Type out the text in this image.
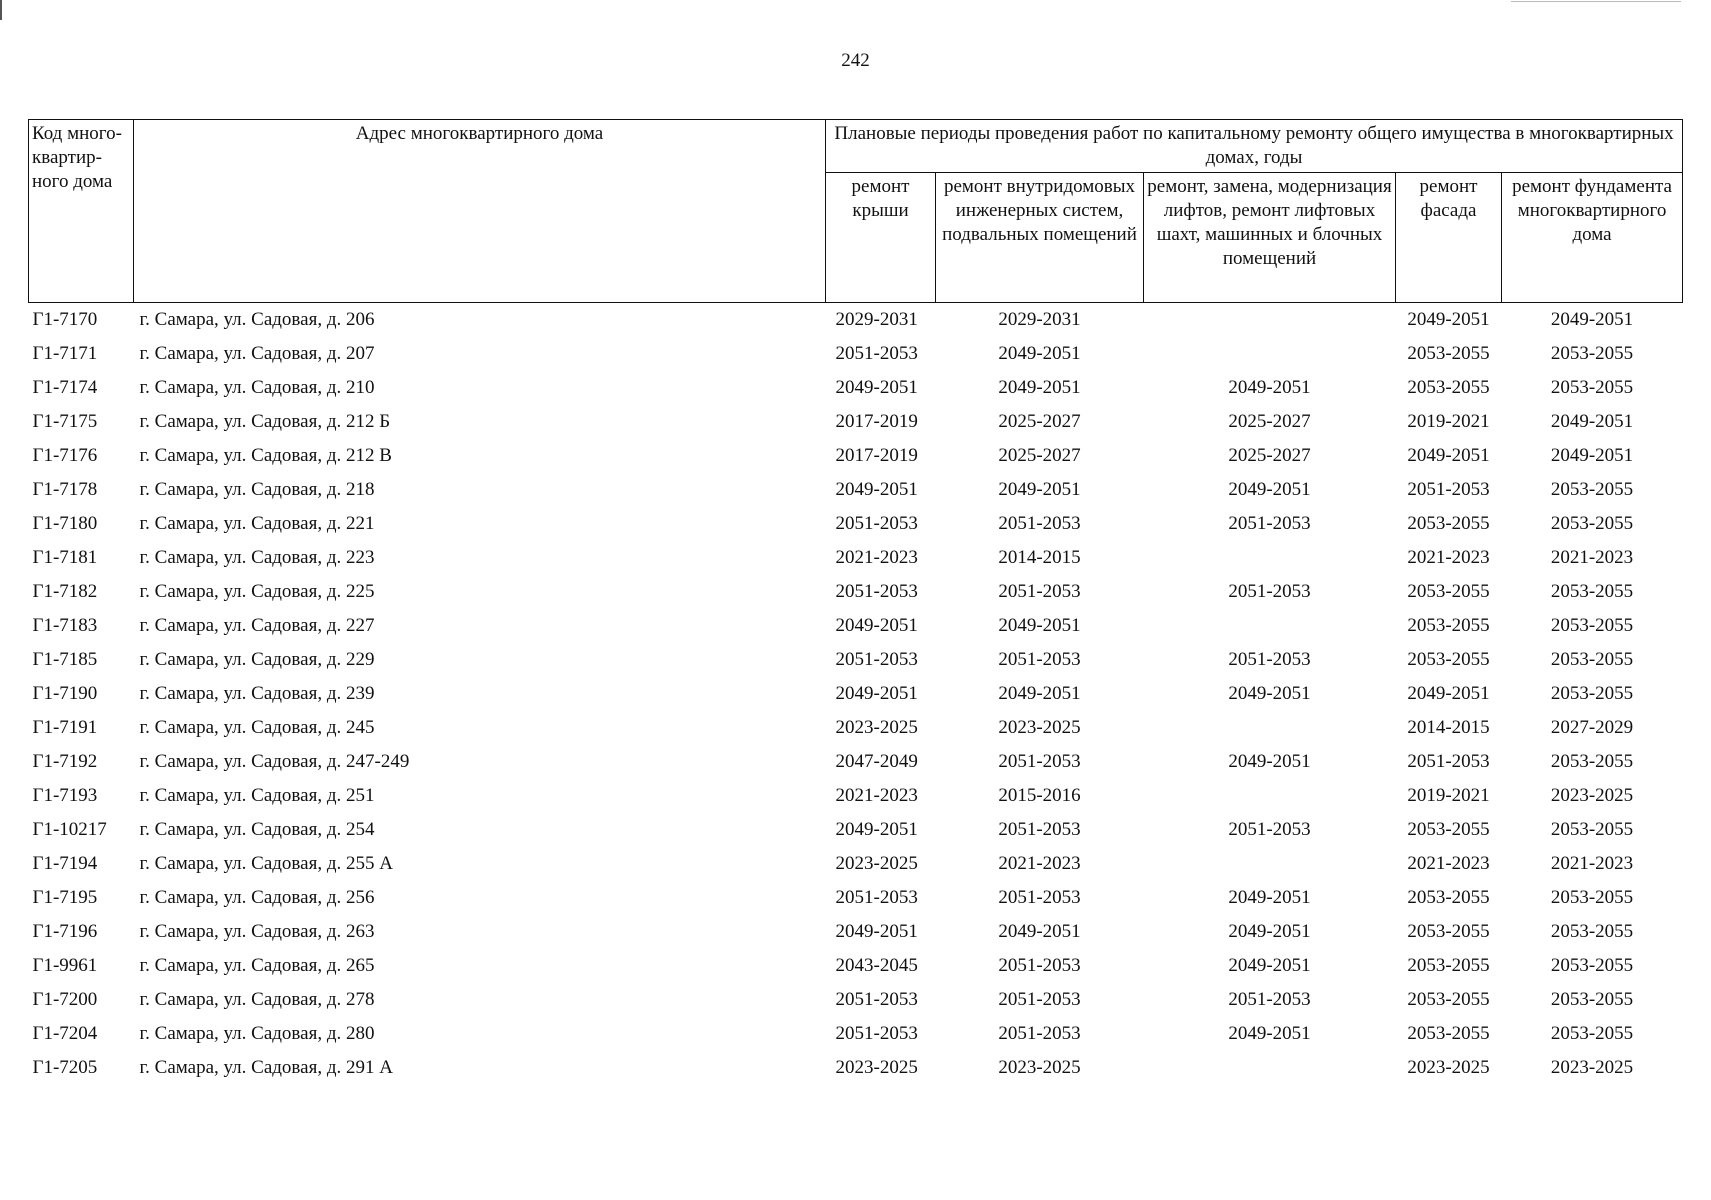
242
Код много-квартир-ного дома	Адрес многоквартирного дома	Плановые периоды проведения работ по капитальному ремонту общего имущества в многоквартирных домах, годы				
		ремонт крыши	ремонт внутридомовых инженерных систем, подвальных помещений	ремонт, замена, модернизация лифтов, ремонт лифтовых шахт, машинных и блочных помещений	ремонт фасада	ремонт фундамента многоквартирного дома
Г1-7170	г. Самара, ул. Садовая, д. 206	2029-2031	2029-2031		2049-2051	2049-2051
Г1-7171	г. Самара, ул. Садовая, д. 207	2051-2053	2049-2051		2053-2055	2053-2055
Г1-7174	г. Самара, ул. Садовая, д. 210	2049-2051	2049-2051	2049-2051	2053-2055	2053-2055
Г1-7175	г. Самара, ул. Садовая, д. 212 Б	2017-2019	2025-2027	2025-2027	2019-2021	2049-2051
Г1-7176	г. Самара, ул. Садовая, д. 212 В	2017-2019	2025-2027	2025-2027	2049-2051	2049-2051
Г1-7178	г. Самара, ул. Садовая, д. 218	2049-2051	2049-2051	2049-2051	2051-2053	2053-2055
Г1-7180	г. Самара, ул. Садовая, д. 221	2051-2053	2051-2053	2051-2053	2053-2055	2053-2055
Г1-7181	г. Самара, ул. Садовая, д. 223	2021-2023	2014-2015		2021-2023	2021-2023
Г1-7182	г. Самара, ул. Садовая, д. 225	2051-2053	2051-2053	2051-2053	2053-2055	2053-2055
Г1-7183	г. Самара, ул. Садовая, д. 227	2049-2051	2049-2051		2053-2055	2053-2055
Г1-7185	г. Самара, ул. Садовая, д. 229	2051-2053	2051-2053	2051-2053	2053-2055	2053-2055
Г1-7190	г. Самара, ул. Садовая, д. 239	2049-2051	2049-2051	2049-2051	2049-2051	2053-2055
Г1-7191	г. Самара, ул. Садовая, д. 245	2023-2025	2023-2025		2014-2015	2027-2029
Г1-7192	г. Самара, ул. Садовая, д. 247-249	2047-2049	2051-2053	2049-2051	2051-2053	2053-2055
Г1-7193	г. Самара, ул. Садовая, д. 251	2021-2023	2015-2016		2019-2021	2023-2025
Г1-10217	г. Самара, ул. Садовая, д. 254	2049-2051	2051-2053	2051-2053	2053-2055	2053-2055
Г1-7194	г. Самара, ул. Садовая, д. 255 А	2023-2025	2021-2023		2021-2023	2021-2023
Г1-7195	г. Самара, ул. Садовая, д. 256	2051-2053	2051-2053	2049-2051	2053-2055	2053-2055
Г1-7196	г. Самара, ул. Садовая, д. 263	2049-2051	2049-2051	2049-2051	2053-2055	2053-2055
Г1-9961	г. Самара, ул. Садовая, д. 265	2043-2045	2051-2053	2049-2051	2053-2055	2053-2055
Г1-7200	г. Самара, ул. Садовая, д. 278	2051-2053	2051-2053	2051-2053	2053-2055	2053-2055
Г1-7204	г. Самара, ул. Садовая, д. 280	2051-2053	2051-2053	2049-2051	2053-2055	2053-2055
Г1-7205	г. Самара, ул. Садовая, д. 291 А	2023-2025	2023-2025		2023-2025	2023-2025
